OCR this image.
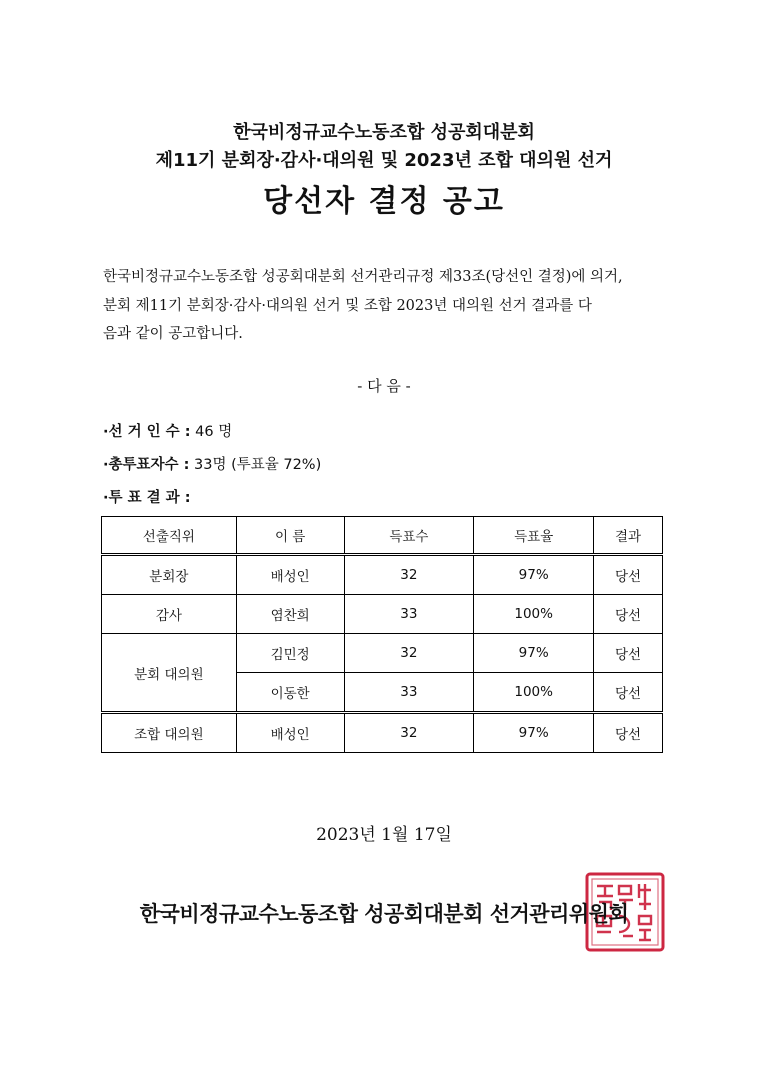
한국비정규교수노동조합 성공회대분회
제11기 분회장·감사·대의원 및 2023년 조합 대의원 선거
당선자 결정 공고
한국비정규교수노동조합 성공회대분회 선거관리규정 제33조(당선인 결정)에 의거,
분회 제11기 분회장·감사·대의원 선거 및 조합 2023년 대의원 선거 결과를 다
음과 같이 공고합니다.
- 다 음 -
·선 거 인 수 : 46 명
·총투표자수 : 33명 (투표율 72%)
·투 표 결 과 :
선출직위	이 름	득표수	득표율	결과
분회장	배성인	32	97%	당선
감사	염찬희	33	100%	당선
분회 대의원	김민정	32	97%	당선
	이동한	33	100%	당선
조합 대의원	배성인	32	97%	당선
2023년 1월 17일
한국비정규교수노동조합 성공회대분회 선거관리위원회
